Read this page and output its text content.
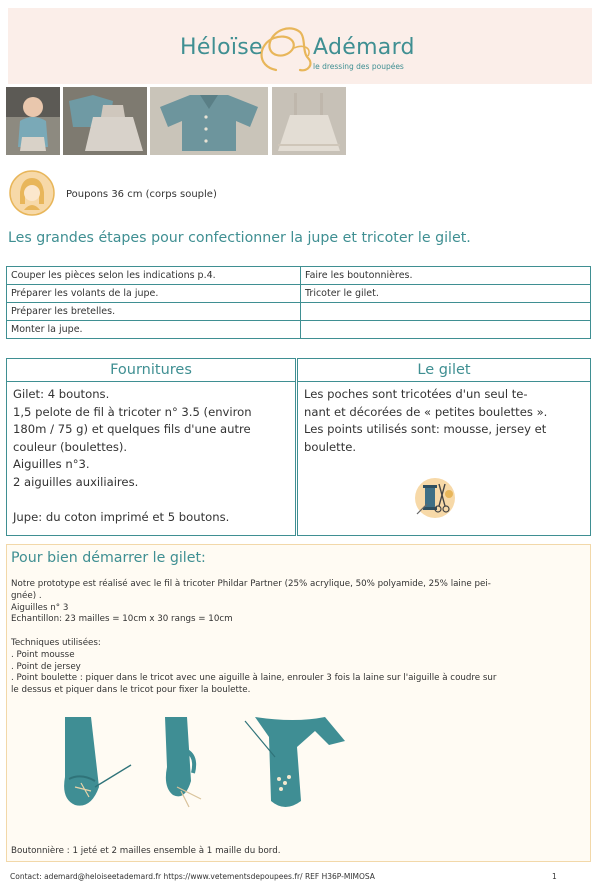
Héloïse Adémard
le dressing des poupées
Poupons 36 cm (corps souple)
Les grandes étapes pour confectionner la jupe et tricoter le gilet.
Couper les pièces selon les indications p.4.	Faire les boutonnières.
Préparer les volants de la jupe.	Tricoter le gilet.
Préparer les bretelles.	
Monter la jupe.	
Fournitures
Gilet: 4 boutons.
1,5 pelote de fil à tricoter n° 3.5 (environ
180m / 75 g) et quelques fils d'une autre
couleur (boulettes).
Aiguilles n°3.
2 aiguilles auxiliaires.
Jupe: du coton imprimé et 5 boutons.
Le gilet
Les poches sont tricotées d'un seul te-
nant et décorées de « petites boulettes ».
Les points utilisés sont: mousse, jersey et
boulette.
Pour bien démarrer le gilet:
Notre prototype est réalisé avec le fil à tricoter Phildar Partner (25% acrylique, 50% polyamide, 25% laine pei-
gnée) .
Aiguilles n° 3
Echantillon: 23 mailles = 10cm x 30 rangs = 10cm
Techniques utilisées:
. Point mousse
. Point de jersey
. Point boulette : piquer dans le tricot avec une aiguille à laine, enrouler 3 fois la laine sur l'aiguille à coudre sur
le dessus et piquer dans le tricot pour fixer la boulette.
Boutonnière : 1 jeté et 2 mailles ensemble à 1 maille du bord.
Contact: ademard@heloiseetademard.fr https://www.vetementsdepoupees.fr/ REF H36P-MIMOSA	1
